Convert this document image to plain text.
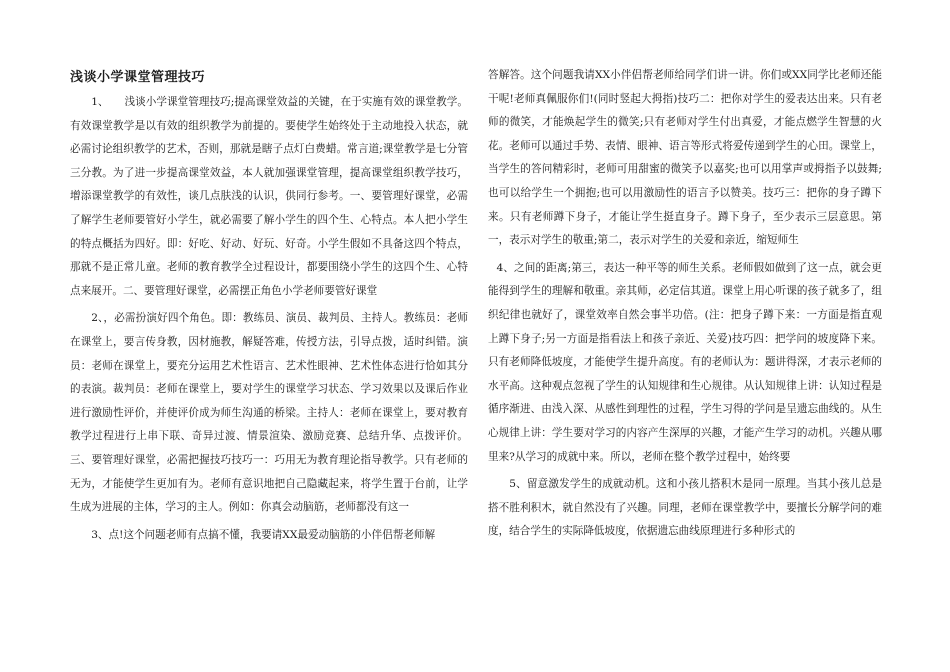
浅谈小学课堂管理技巧

1、　　浅谈小学课堂管理技巧;提高课堂效益的关键，在于实施有效的课堂教学。有效课堂教学是以有效的组织教学为前提的。要使学生始终处于主动地投入状态，就必需讨论组织教学的艺术，否则，那就是瞎子点灯白费蜡。常言道;课堂教学是七分管三分教。为了进一步提高课堂效益，本人就加强课堂管理，提高课堂组织教学技巧，增添课堂教学的有效性，谈几点肤浅的认识，供同行参考。一、要管理好课堂，必需了解学生老师要管好小学生，就必需要了解小学生的四个生、心特点。本人把小学生的特点概括为四好。即：好吃、好动、好玩、好奇。小学生假如不具备这四个特点，那就不是正常儿童。老师的教育教学全过程设计，都要围绕小学生的这四个生、心特点来展开。二、要管理好课堂，必需摆正角色小学老师要管好课堂

2、，必需扮演好四个角色。即：教练员、演员、裁判员、主持人。教练员：老师在课堂上，要言传身教，因材施教，解疑答难，传授方法，引导点拨，适时纠错。演员：老师在课堂上，要充分运用艺术性语言、艺术性眼神、艺术性体态进行恰如其分的表演。裁判员：老师在课堂上，要对学生的课堂学习状态、学习效果以及课后作业进行激励性评价，并使评价成为师生沟通的桥梁。主持人：老师在课堂上，要对教育教学过程进行上串下联、奇异过渡、情景渲染、激励竞赛、总结升华、点拨评价。三、要管理好课堂，必需把握技巧技巧一：巧用无为教育理论指导教学。只有老师的无为，才能使学生更加有为。老师有意识地把自己隐藏起来，将学生置于台前，让学生成为进展的主体，学习的主人。例如：你真会动脑筋，老师都没有这一

3、点!这个问题老师有点搞不懂，我要请XX最爱动脑筋的小伴侣帮老师解

答解答。这个问题我请XX小伴侣帮老师给同学们讲一讲。你们或XX同学比老师还能干呢!老师真佩服你们!(同时竖起大拇指)技巧二：把你对学生的爱表达出来。只有老师的微笑，才能焕起学生的微笑;只有老师对学生付出真爱，才能点燃学生智慧的火花。老师可以通过手势、表情、眼神、语言等形式将爱传递到学生的心田。课堂上，当学生的答问精彩时，老师可用甜蜜的微笑予以嘉奖;也可以用掌声或拇指予以鼓舞;也可以给学生一个拥抱;也可以用激励性的语言予以赞美。技巧三：把你的身子蹲下来。只有老师蹲下身子，才能让学生挺直身子。蹲下身子，至少表示三层意思。第一，表示对学生的敬重;第二，表示对学生的关爱和亲近，缩短师生

4、之间的距离;第三，表达一种平等的师生关系。老师假如做到了这一点，就会更能得到学生的理解和敬重。亲其师，必定信其道。课堂上用心听课的孩子就多了，组织纪律也就好了，课堂效率自然会事半功倍。(注：把身子蹲下来：一方面是指直观上蹲下身子;另一方面是指看法上和孩子亲近、关爱)技巧四：把学问的坡度降下来。只有老师降低坡度，才能使学生提升高度。有的老师认为：题讲得深，才表示老师的水平高。这种观点忽视了学生的认知规律和生心规律。从认知规律上讲：认知过程是循序渐进、由浅入深、从感性到理性的过程，学生习得的学问是呈遗忘曲线的。从生心规律上讲：学生要对学习的内容产生深厚的兴趣，才能产生学习的动机。兴趣从哪里来?从学习的成就中来。所以，老师在整个教学过程中，始终要

5、留意激发学生的成就动机。这和小孩儿搭积木是同一原理。当其小孩儿总是搭不胜利积木，就自然没有了兴趣。同理，老师在课堂教学中，要擅长分解学问的难度，结合学生的实际降低坡度，依据遗忘曲线原理进行多种形式的
